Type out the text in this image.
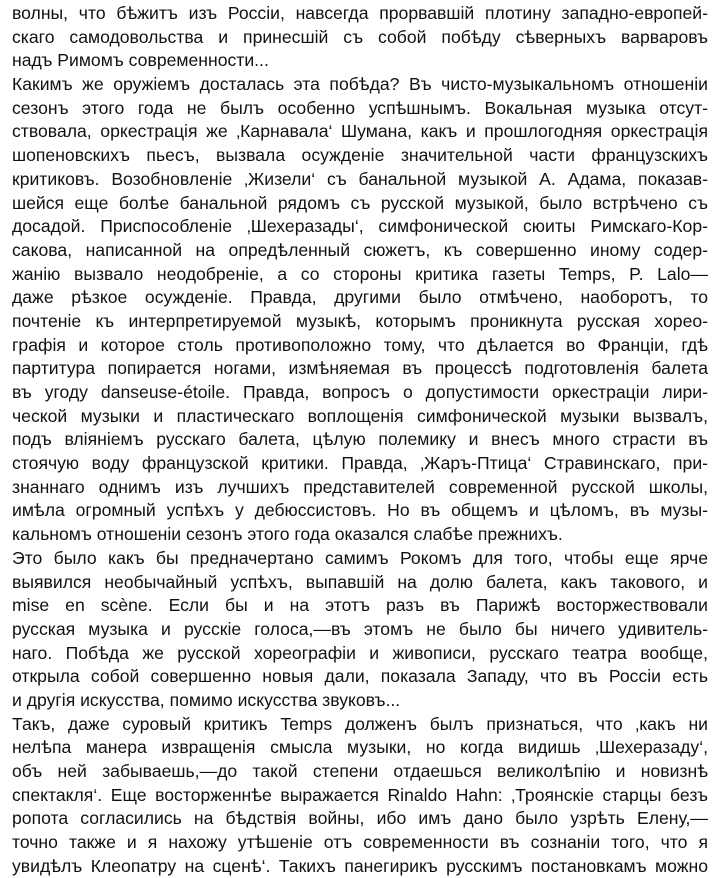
волны, что бѣжитъ изъ Россіи, навсегда прорвавшій плотину западно-европей-
скаго самодовольства и принесшій съ собой побѣду сѣверныхъ варваровъ
надъ Римомъ современности...
Какимъ же оружіемъ досталась эта побѣда? Въ чисто-музыкальномъ отношеніи
сезонъ этого года не былъ особенно успѣшнымъ. Вокальная музыка отсут-
ствовала, оркестрація же ‚Карнавала‘ Шумана, какъ и прошлогодняя оркестрація
шопеновскихъ пьесъ, вызвала осужденіе значительной части французскихъ
критиковъ. Возобновленіе ‚Жизели‘ съ банальной музыкой А. Адама, показав-
шейся еще болѣе банальной рядомъ съ русской музыкой, было встрѣчено съ
досадой. Приспособленіе ‚Шехеразады‘, симфонической сюиты Римскаго-Кор-
сакова, написанной на опредѣленный сюжетъ, къ совершенно иному содер-
жанію вызвало неодобреніе, а со стороны критика газеты Temps, P. Lalo—
даже рѣзкое осужденіе. Правда, другими было отмѣчено, наоборотъ, то
почтеніе къ интерпретируемой музыкѣ, которымъ проникнута русская хорео-
графія и которое столь противоположно тому, что дѣлается во Франціи, гдѣ
партитура попирается ногами, измѣняемая въ процессѣ подготовленія балета
въ угоду danseuse-étoile. Правда, вопросъ о допустимости оркестраціи лири-
ческой музыки и пластическаго воплощенія симфонической музыки вызвалъ,
подъ вліяніемъ русскаго балета, цѣлую полемику и внесъ много страсти въ
стоячую воду французской критики. Правда, ‚Жаръ-Птица‘ Стравинскаго, при-
знаннаго однимъ изъ лучшихъ представителей современной русской школы,
имѣла огромный успѣхъ у дебюссистовъ. Но въ общемъ и цѣломъ, въ музы-
кальномъ отношеніи сезонъ этого года оказался слабѣе прежнихъ.
Это было какъ бы предначертано самимъ Рокомъ для того, чтобы еще ярче
выявился необычайный успѣхъ, выпавшій на долю балета, какъ такового, и
mise en scène. Если бы и на этотъ разъ въ Парижѣ восторжествовали
русская музыка и русскіе голоса,—въ этомъ не было бы ничего удивитель-
наго. Побѣда же русской хореографіи и живописи, русскаго театра вообще,
открыла собой совершенно новыя дали, показала Западу, что въ Россіи есть
и другія искусства, помимо искусства звуковъ...
Такъ, даже суровый критикъ Temps долженъ былъ признаться, что ‚какъ ни
нелѣпа манера извращенія смысла музыки, но когда видишь ‚Шехеразаду‘,
объ ней забываешь,—до такой степени отдаешься великолѣпію и новизнѣ
спектакля‘. Еще восторженнѣе выражается Rinaldo Hahn: ‚Троянскіе старцы безъ
ропота согласились на бѣдствія войны, ибо имъ дано было узрѣть Елену,—
точно также и я нахожу утѣшеніе отъ современности въ сознаніи того, что я
увидѣлъ Клеопатру на сценѣ‘. Такихъ панегирикъ русскимъ постановкамъ можно
